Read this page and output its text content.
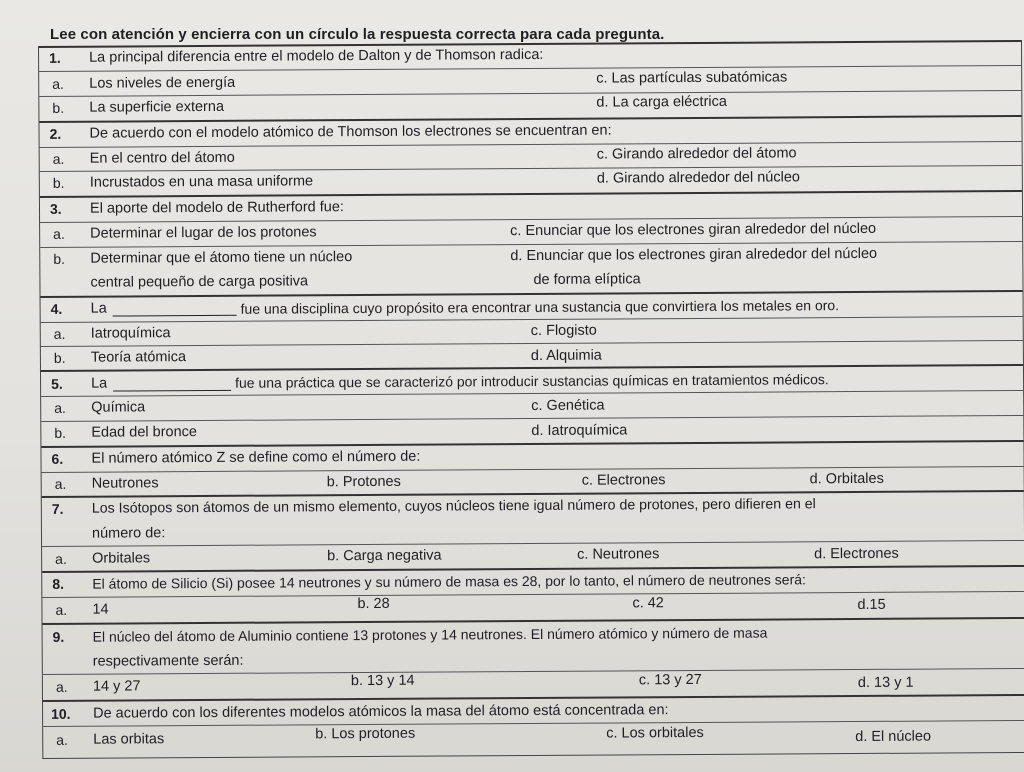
Lee con atención y encierra con un círculo la respuesta correcta para cada pregunta.
1. La principal diferencia entre el modelo de Dalton y de Thomson radica:
a. Los niveles de energía	c. Las partículas subatómicas
b. La superficie externa	d. La carga eléctrica
2. De acuerdo con el modelo atómico de Thomson los electrones se encuentran en:
a. En el centro del átomo	c. Girando alrededor del átomo
b. Incrustados en una masa uniforme	d. Girando alrededor del núcleo
3. El aporte del modelo de Rutherford fue:
a. Determinar el lugar de los protones	c. Enunciar que los electrones giran alrededor del núcleo
b. Determinar que el átomo tiene un núcleo	d. Enunciar que los electrones giran alrededor del núcleo
central pequeño de carga positiva	de forma elíptica
4. La	fue una disciplina cuyo propósito era encontrar una sustancia que convirtiera los metales en oro.
a. Iatroquímica	c. Flogisto
b. Teoría atómica	d. Alquimia
5. La	fue una práctica que se caracterizó por introducir sustancias químicas en tratamientos médicos.
a. Química	c. Genética
b. Edad del bronce	d. Iatroquímica
6. El número atómico Z se define como el número de:
a. Neutrones	b. Protones	c. Electrones	d. Orbitales
7. Los Isótopos son átomos de un mismo elemento, cuyos núcleos tiene igual número de protones, pero difieren en el
número de:
a. Orbitales	b. Carga negativa	c. Neutrones	d. Electrones
8. El átomo de Silicio (Si) posee 14 neutrones y su número de masa es 28, por lo tanto, el número de neutrones será:
a. 14	b. 28	c. 42	d.15
9. El núcleo del átomo de Aluminio contiene 13 protones y 14 neutrones. El número atómico y número de masa
respectivamente serán:
a. 14 y 27	b. 13 y 14	c. 13 y 27	d. 13 y 1
10. De acuerdo con los diferentes modelos atómicos la masa del átomo está concentrada en:
a. Las orbitas	b. Los protones	c. Los orbitales	d. El núcleo
